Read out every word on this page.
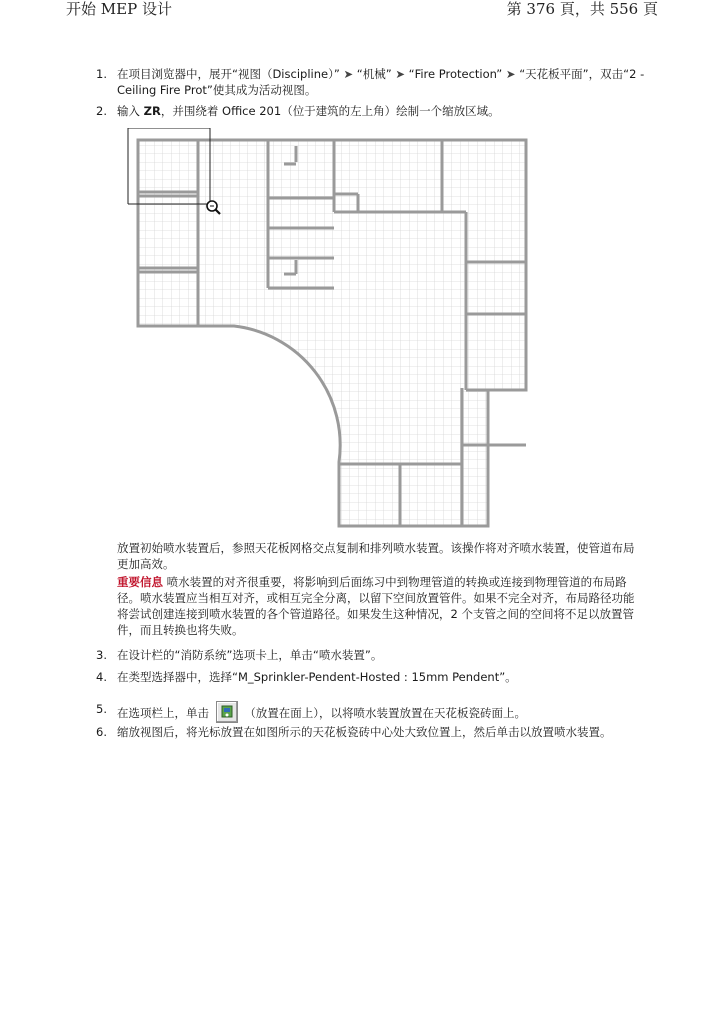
开始 MEP 设计	第 376 頁，共 556 頁
1. 在项目浏览器中，展开“视图（Discipline）” ➤ “机械” ➤ “Fire Protection” ➤ “天花板平面”，双击“2 - Ceiling Fire Prot”使其成为活动视图。
2. 输入 ZR，并围绕着 Office 201（位于建筑的左上角）绘制一个缩放区域。
放置初始喷水装置后，参照天花板网格交点复制和排列喷水装置。该操作将对齐喷水装置，使管道布局更加高效。
重要信息 喷水装置的对齐很重要，将影响到后面练习中到物理管道的转换或连接到物理管道的布局路径。喷水装置应当相互对齐，或相互完全分离，以留下空间放置管件。如果不完全对齐，布局路径功能将尝试创建连接到喷水装置的各个管道路径。如果发生这种情况，2 个支管之间的空间将不足以放置管件，而且转换也将失败。
3. 在设计栏的“消防系统”选项卡上，单击“喷水装置”。
4. 在类型选择器中，选择“M_Sprinkler-Pendent-Hosted : 15mm Pendent”。
5. 在选项栏上，单击	（放置在面上），以将喷水装置放置在天花板瓷砖面上。
6. 缩放视图后，将光标放置在如图所示的天花板瓷砖中心处大致位置上，然后单击以放置喷水装置。
